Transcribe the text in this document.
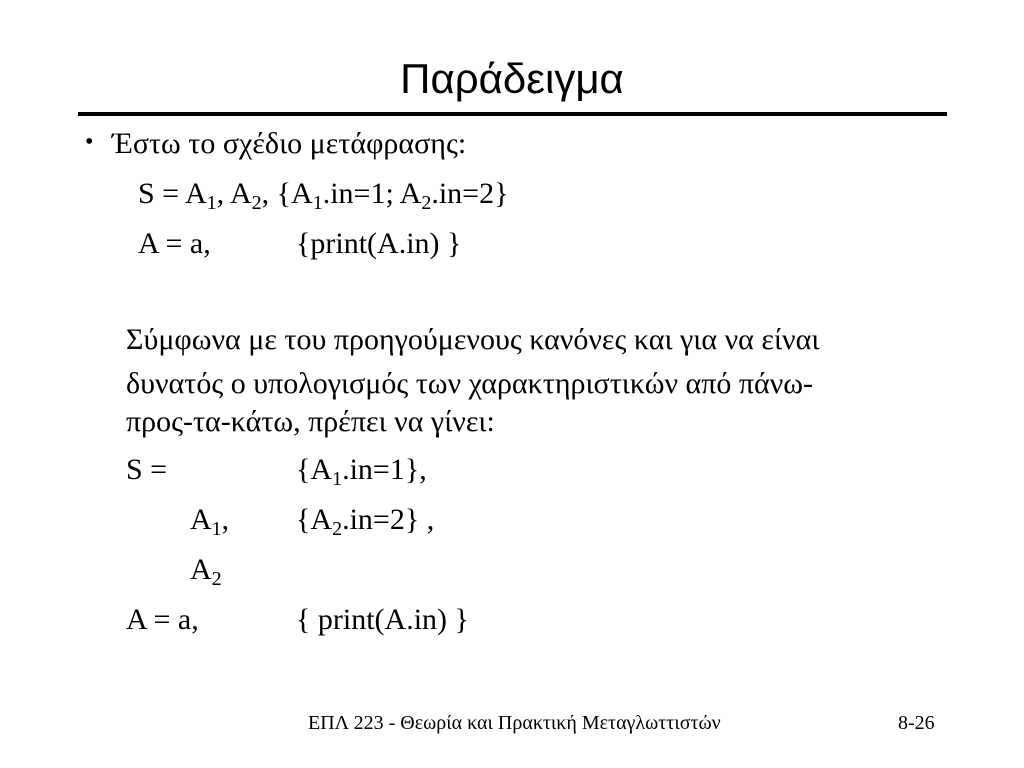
Παράδειγμα
• Έστω το σχέδιο μετάφρασης:
$S = A_1$, $A_2$, {$A_1.in=1$; $A_2.in=2$}
A = a,	{print(A.in) }
Σύμφωνα με του προηγούμενους κανόνες και για να είναι
δυνατός ο υπολογισμός των χαρακτηριστικών από πάνω-
προς-τα-κάτω, πρέπει να γίνει:
S =	$\{A_1.in=1\}$,
$A_1$, $\{A_2.in=2\}$ ,
$A_2$
A = a,	{ print(A.in) }
ΕΠΛ 223 - Θεωρία και Πρακτική Μεταγλωττιστών	8-26
